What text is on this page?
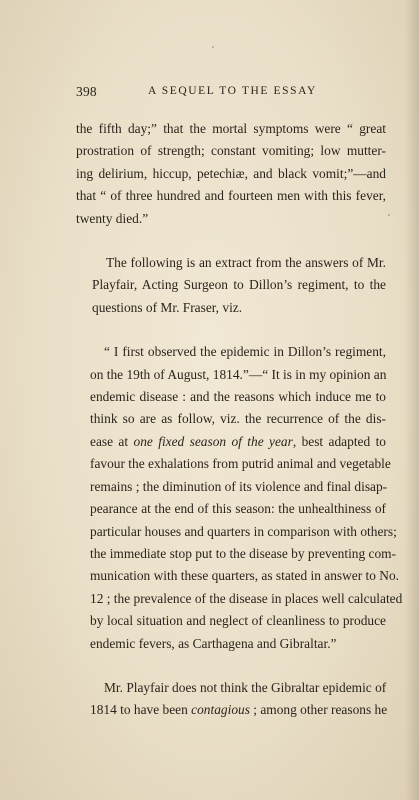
398	A SEQUEL TO THE ESSAY

the fifth day;” that the mortal symptoms were “ great
prostration of strength; constant vomiting; low mutter-
ing delirium, hiccup, petechiæ, and black vomit;”—and
that “ of three hundred and fourteen men with this fever,
twenty died.”

The following is an extract from the answers of Mr.
Playfair, Acting Surgeon to Dillon’s regiment, to the
questions of Mr. Fraser, viz.

“ I first observed the epidemic in Dillon’s regiment,
on the 19th of August, 1814.”—“ It is in my opinion an
endemic disease : and the reasons which induce me to
think so are as follow, viz. the recurrence of the dis-
ease at one fixed season of the year, best adapted to
favour the exhalations from putrid animal and vegetable
remains ; the diminution of its violence and final disap-
pearance at the end of this season: the unhealthiness of
particular houses and quarters in comparison with others;
the immediate stop put to the disease by preventing com-
munication with these quarters, as stated in answer to No.
12 ; the prevalence of the disease in places well calculated
by local situation and neglect of cleanliness to produce
endemic fevers, as Carthagena and Gibraltar.”

Mr. Playfair does not think the Gibraltar epidemic of
1814 to have been contagious ; among other reasons he
